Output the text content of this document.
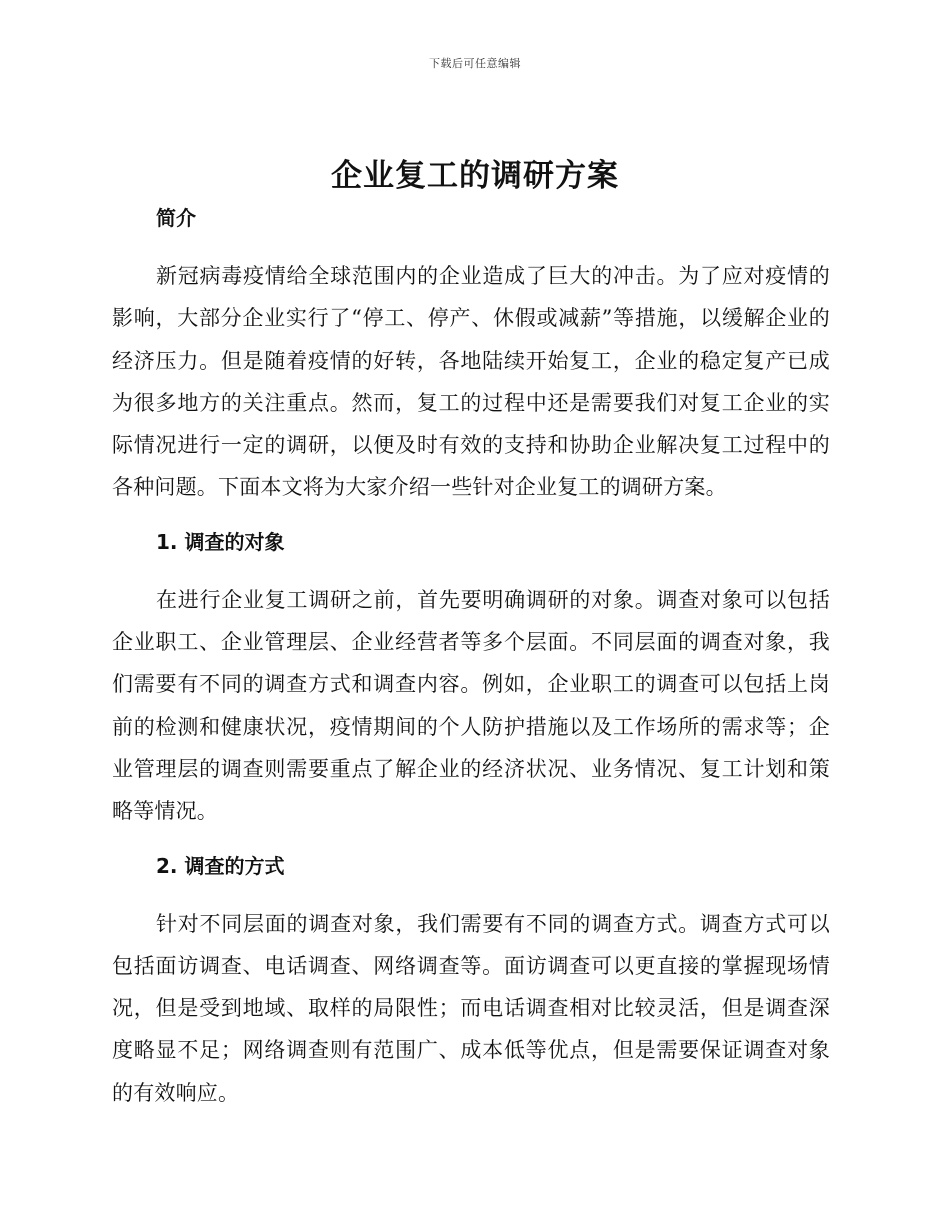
下载后可任意编辑
企业复工的调研方案
简介

新冠病毒疫情给全球范围内的企业造成了巨大的冲击。为了应对疫情的影响，大部分企业实行了“停工、停产、休假或减薪”等措施，以缓解企业的经济压力。但是随着疫情的好转，各地陆续开始复工，企业的稳定复产已成为很多地方的关注重点。然而，复工的过程中还是需要我们对复工企业的实际情况进行一定的调研，以便及时有效的支持和协助企业解决复工过程中的各种问题。下面本文将为大家介绍一些针对企业复工的调研方案。

1. 调查的对象

在进行企业复工调研之前，首先要明确调研的对象。调查对象可以包括企业职工、企业管理层、企业经营者等多个层面。不同层面的调查对象，我们需要有不同的调查方式和调查内容。例如，企业职工的调查可以包括上岗前的检测和健康状况，疫情期间的个人防护措施以及工作场所的需求等；企业管理层的调查则需要重点了解企业的经济状况、业务情况、复工计划和策略等情况。

2. 调查的方式

针对不同层面的调查对象，我们需要有不同的调查方式。调查方式可以包括面访调查、电话调查、网络调查等。面访调查可以更直接的掌握现场情况，但是受到地域、取样的局限性；而电话调查相对比较灵活，但是调查深度略显不足；网络调查则有范围广、成本低等优点，但是需要保证调查对象的有效响应。
